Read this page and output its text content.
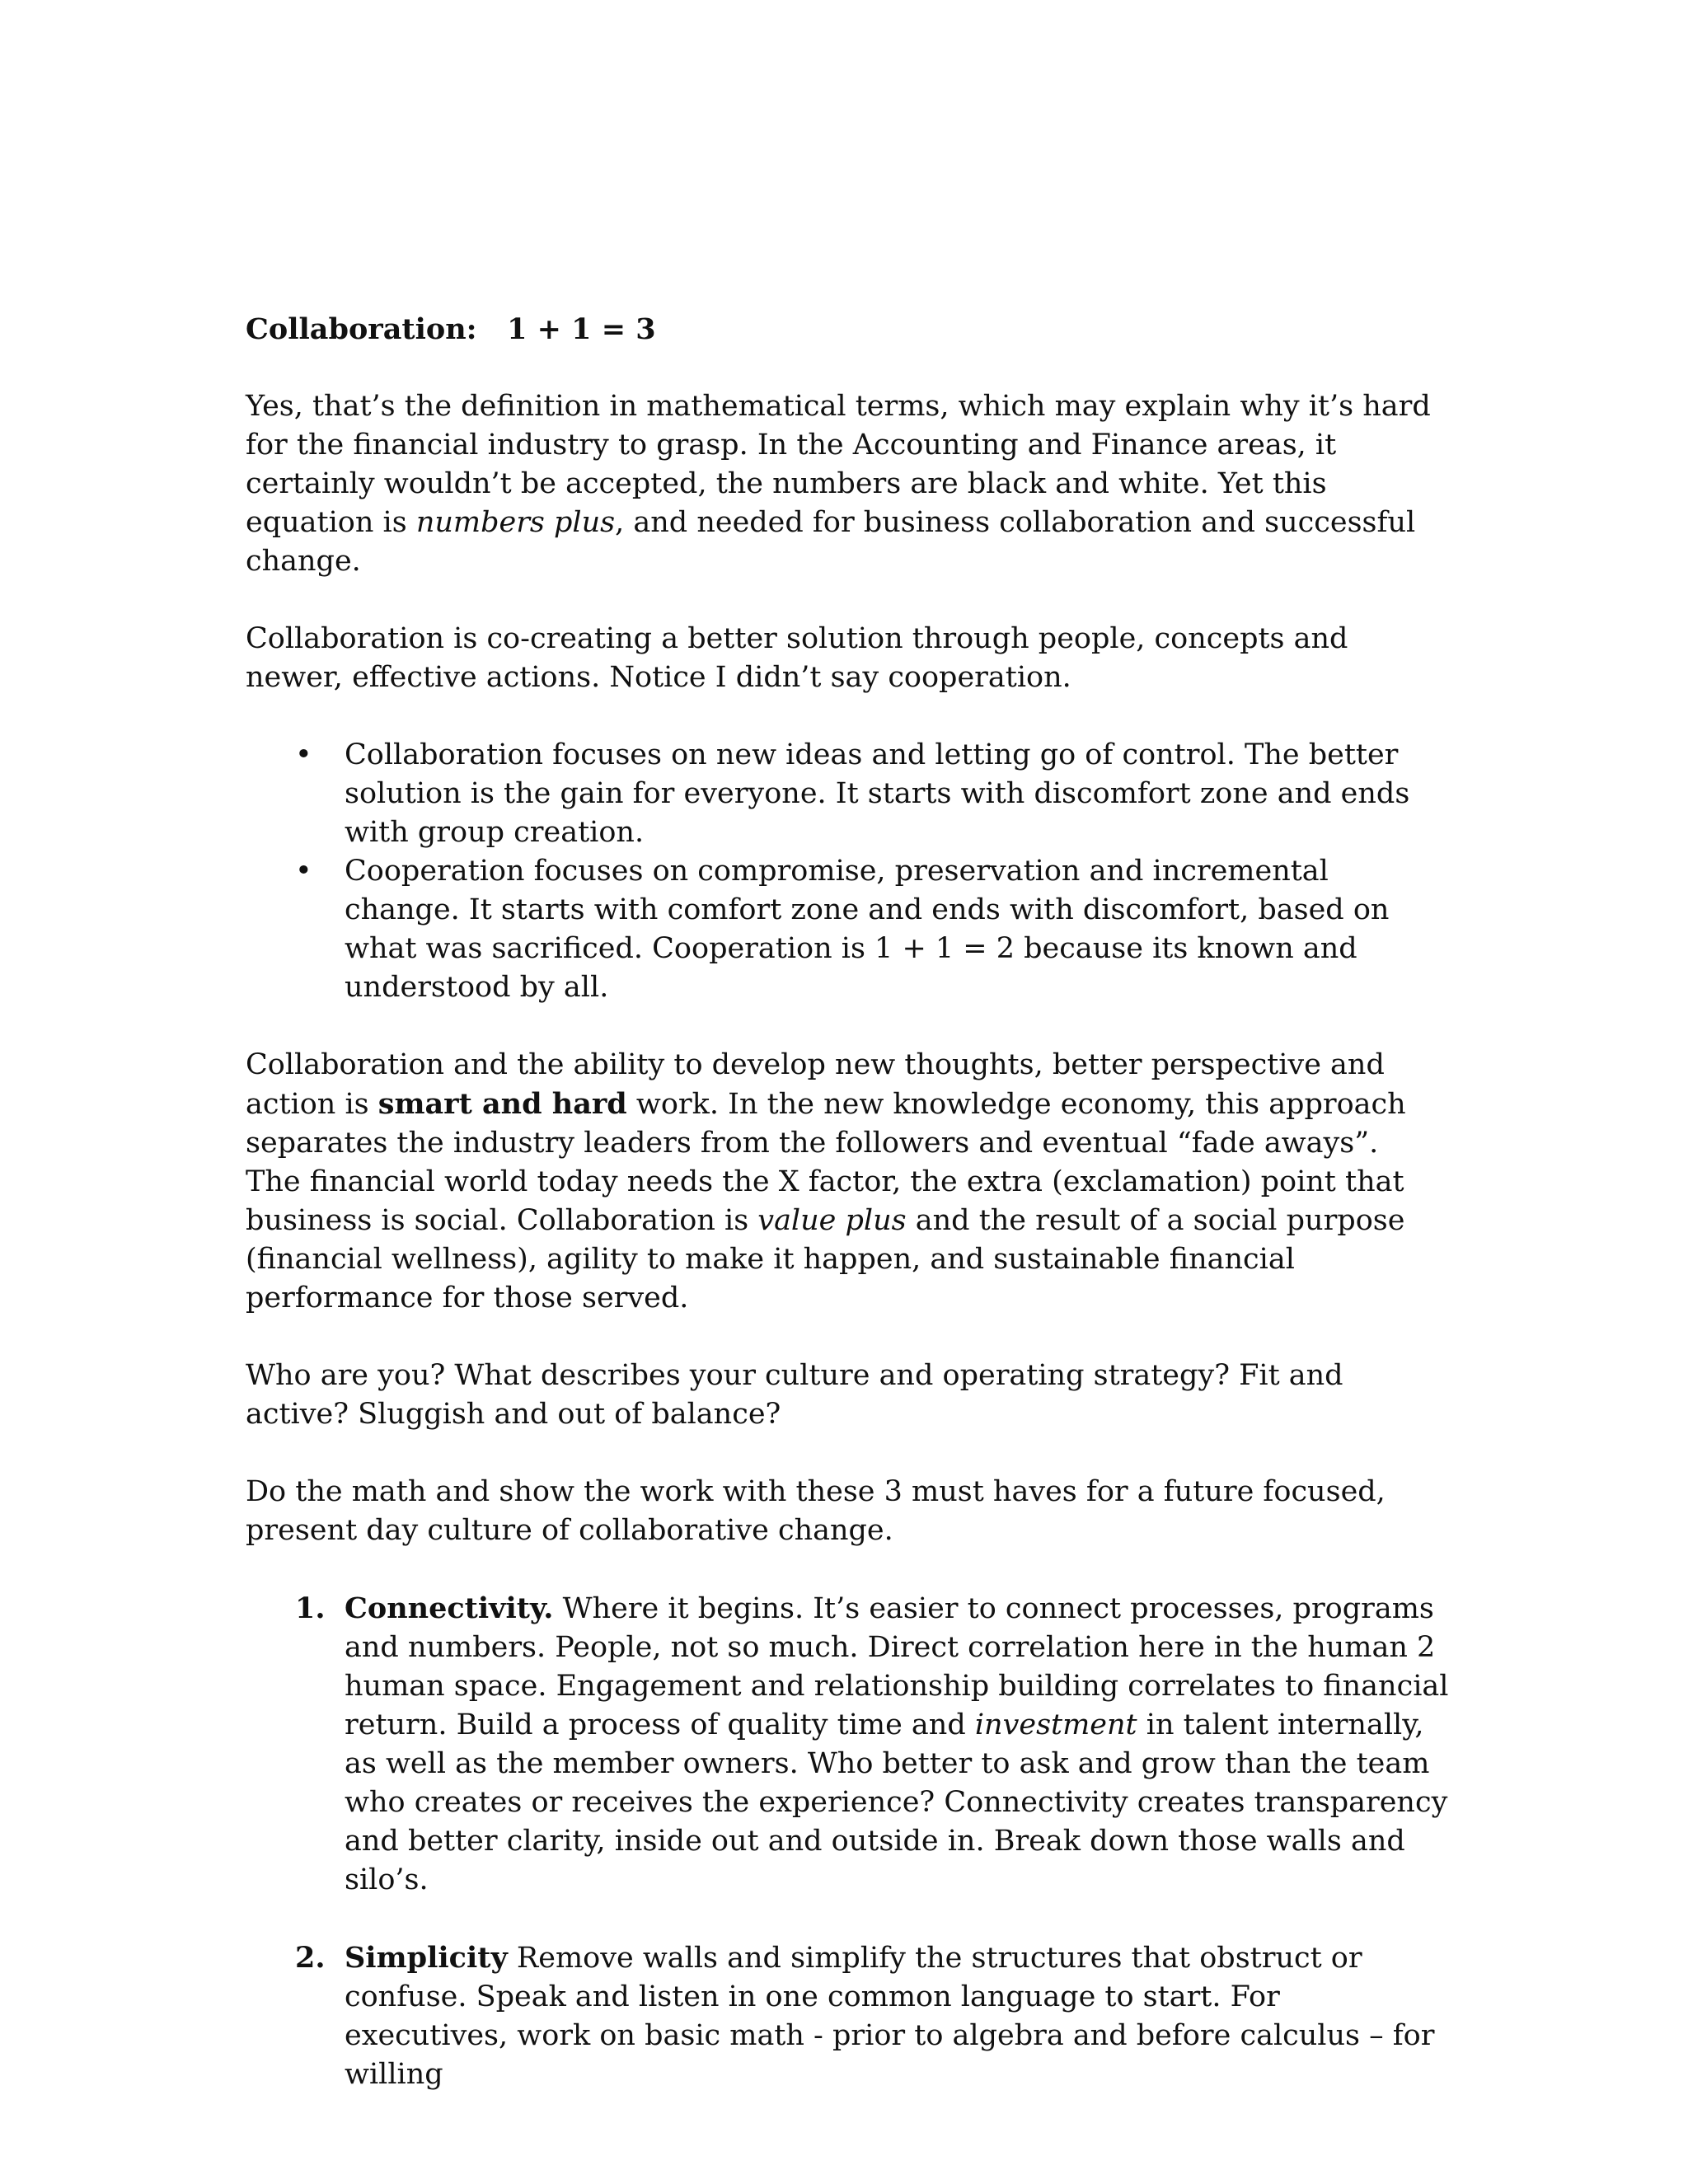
Collaboration:   1 + 1 = 3

Yes, that’s the definition in mathematical terms, which may explain why it’s hard for the financial industry to grasp. In the Accounting and Finance areas, it certainly wouldn’t be accepted, the numbers are black and white. Yet this equation is numbers plus, and needed for business collaboration and successful change.

Collaboration is co-creating a better solution through people, concepts and newer, effective actions. Notice I didn’t say cooperation.

• Collaboration focuses on new ideas and letting go of control. The better solution is the gain for everyone. It starts with discomfort zone and ends with group creation.
• Cooperation focuses on compromise, preservation and incremental change. It starts with comfort zone and ends with discomfort, based on what was sacrificed. Cooperation is 1 + 1 = 2 because its known and understood by all.

Collaboration and the ability to develop new thoughts, better perspective and action is smart and hard work. In the new knowledge economy, this approach separates the industry leaders from the followers and eventual “fade aways”.

The financial world today needs the X factor, the extra (exclamation) point that business is social. Collaboration is value plus and the result of a social purpose (financial wellness), agility to make it happen, and sustainable financial performance for those served.

Who are you? What describes your culture and operating strategy? Fit and active? Sluggish and out of balance?

Do the math and show the work with these 3 must haves for a future focused, present day culture of collaborative change.

1. Connectivity. Where it begins. It’s easier to connect processes, programs and numbers. People, not so much. Direct correlation here in the human 2 human space. Engagement and relationship building correlates to financial return. Build a process of quality time and investment in talent internally, as well as the member owners. Who better to ask and grow than the team who creates or receives the experience? Connectivity creates transparency and better clarity, inside out and outside in. Break down those walls and silo’s.
2. Simplicity Remove walls and simplify the structures that obstruct or confuse. Speak and listen in one common language to start. For executives, work on basic math - prior to algebra and before calculus – for willing
